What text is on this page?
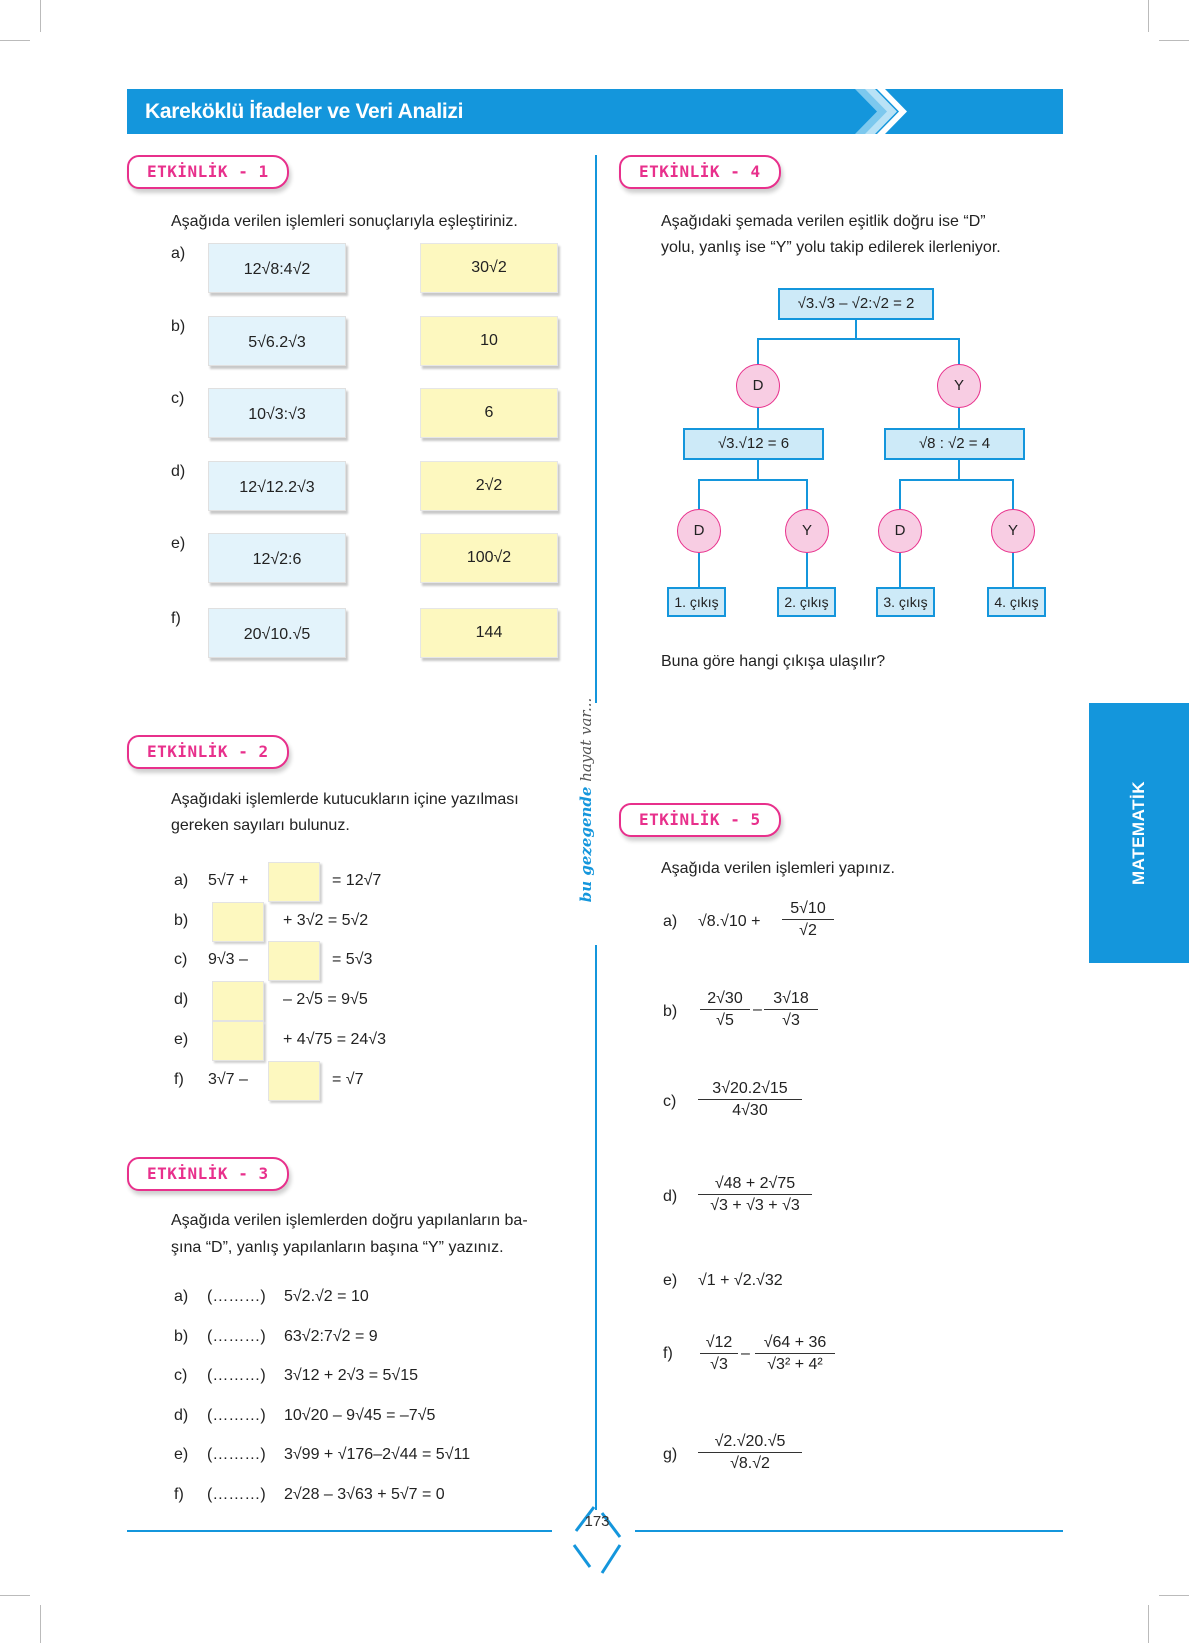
Kareköklü İfadeler ve Veri Analizi
MATEMATİK
bu gezegende hayat var...
ETKİNLİK - 1
Aşağıda verilen işlemleri sonuçlarıyla eşleştiriniz.
a)
12√8:4√2	30√2
b)
5√6.2√3	10
c)
10√3:√3	6
d)
12√12.2√3	2√2
e)
12√2:6	100√2
f)
20√10.√5	144
ETKİNLİK - 4
Aşağıdaki şemada verilen eşitlik doğru ise “D”
yolu, yanlış ise “Y” yolu takip edilerek ilerleniyor.
√3.√3 – √2:√2 = 2
D	Y
√3.√12 = 6	√8 : √2 = 4
D	Y	D	Y
1. çıkış	2. çıkış	3. çıkış	4. çıkış
Buna göre hangi çıkışa ulaşılır?
ETKİNLİK - 2
Aşağıdaki işlemlerde kutucukların içine yazılması
gereken sayıları bulunuz.
a) 5√7 +	= 12√7
b)	+ 3√2 = 5√2
c) 9√3 –	= 5√3
d)	– 2√5 = 9√5
e)	+ 4√75 = 24√3
f) 3√7 –	= √7
ETKİNLİK - 3
Aşağıda verilen işlemlerden doğru yapılanların ba-
şına “D”, yanlış yapılanların başına “Y” yazınız.
a) (………) 5√2.√2 = 10
b) (………) 63√2:7√2 = 9
c) (………) 3√12 + 2√3 = 5√15
d) (………) 10√20 – 9√45 = –7√5
e) (………) 3√99 + √176–2√44 = 5√11
f) (………) 2√28 – 3√63 + 5√7 = 0
ETKİNLİK - 5
Aşağıda verilen işlemleri yapınız.
a) $√8.√10 + \frac{5√10}{√2}$
$b) \frac{2√30}{√5} - \frac{3√18}{√3}$
$c) \frac{3√20.2√15}{4√30}$
$d) \frac{√48 + 2√75}{√3 + √3 + √3}$
e) √1 + √2.√32
$f) \frac{√12}{√3} - \frac{√64 + 36}{\text{√3² + 4²}}$
$g) \frac{√2.√20.√5}{√8.√2}$
173
